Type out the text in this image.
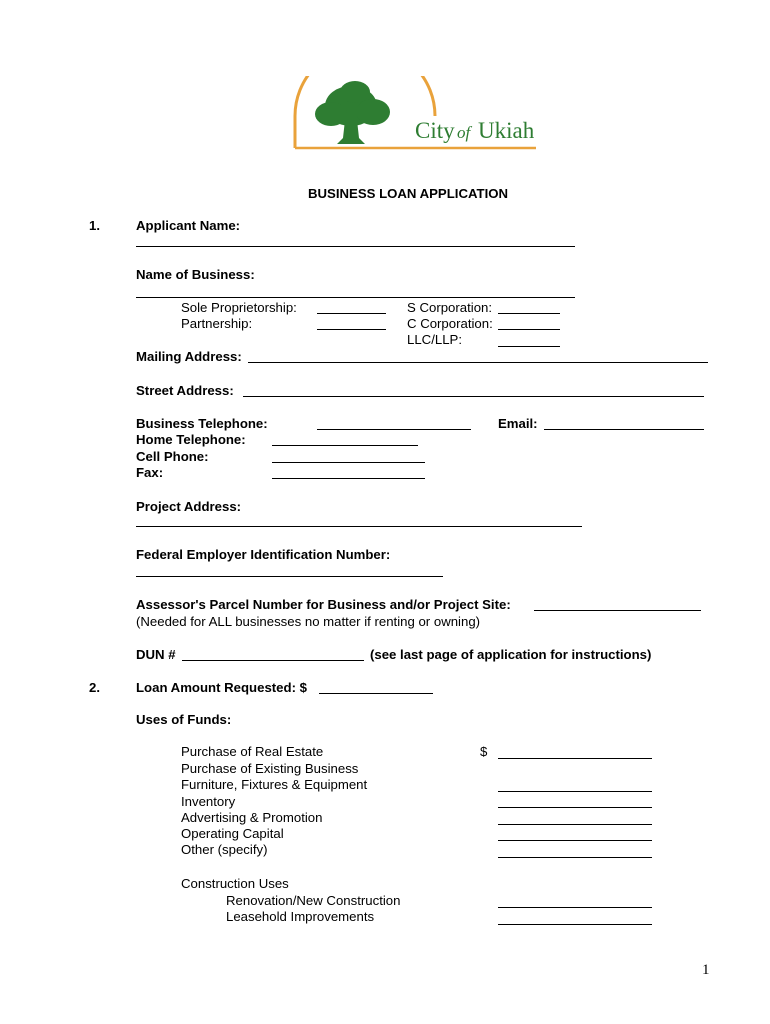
City of Ukiah
BUSINESS LOAN APPLICATION
1.	Applicant Name:
Name of Business:
Sole Proprietorship:	S Corporation:
Partnership:	C Corporation:
LLC/LLP:
Mailing Address:
Street Address:
Business Telephone:	Email:
Home Telephone:
Cell Phone:
Fax:
Project Address:
Federal Employer Identification Number:
Assessor's Parcel Number for Business and/or Project Site:
(Needed for ALL businesses no matter if renting or owning)
DUN #	(see last page of application for instructions)
2.	Loan Amount Requested: $
Uses of Funds:
$
Purchase of Real Estate
Purchase of Existing Business
Furniture, Fixtures & Equipment
Inventory
Advertising & Promotion
Operating Capital
Other (specify)
Construction Uses
Renovation/New Construction
Leasehold Improvements
1
